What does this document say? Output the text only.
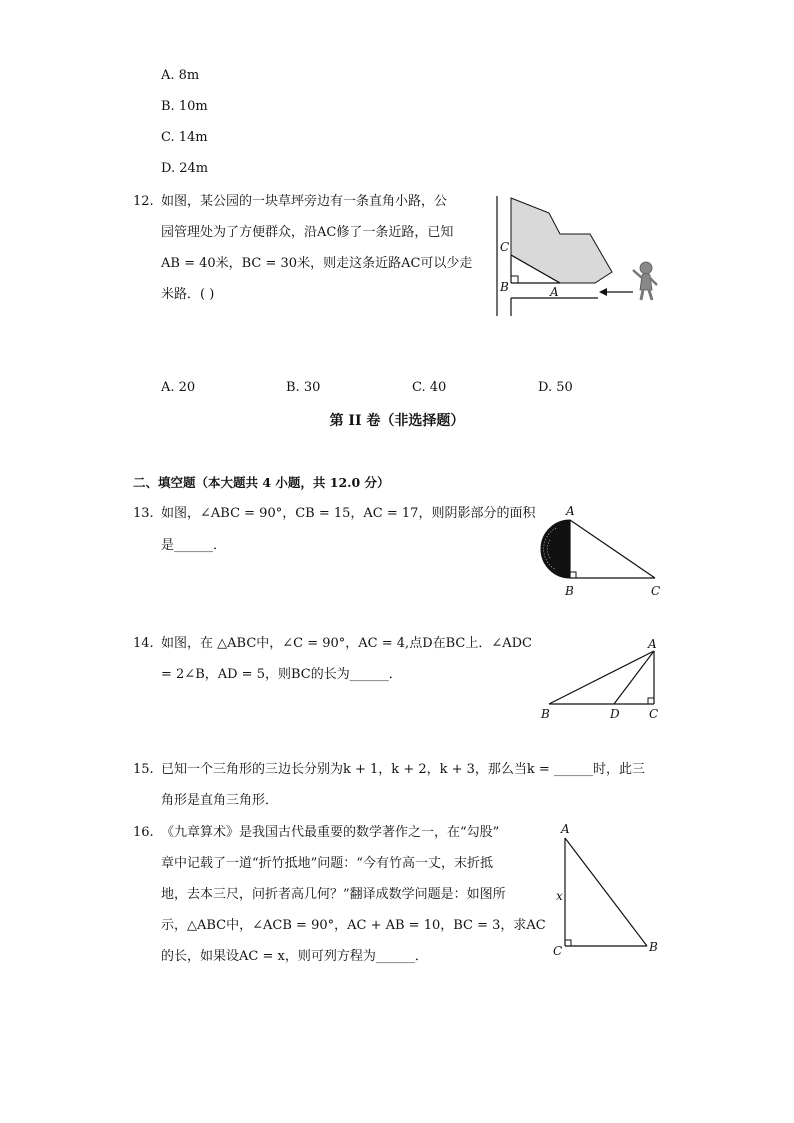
A. 8m
B. 10m
C. 14m
D. 24m
12. 如图，某公园的一块草坪旁边有一条直角小路，公
园管理处为了方便群众，沿AC修了一条近路，已知
AB = 40米，BC = 30米，则走这条近路AC可以少走
米路．( )
C
B	A
A. 20	B. 30	C. 40	D. 50
第 II 卷（非选择题）
二、填空题（本大题共 4 小题，共 12.0 分）
13. 如图，∠ABC = 90°，CB = 15，AC = 17，则阴影部分的面积
是______．
A
B	C
14. 如图，在 △ABC中，∠C = 90°，AC = 4,点D在BC上．∠ADC
= 2∠B，AD = 5，则BC的长为______．
A
B	D C
15. 已知一个三角形的三边长分别为k + 1，k + 2，k + 3，那么当k = ______时，此三
角形是直角三角形．
16. 《九章算术》是我国古代最重要的数学著作之一，在“勾股”
章中记载了一道“折竹抵地”问题：“今有竹高一丈，末折抵
地，去本三尺，问折者高几何？”翻译成数学问题是：如图所
示，△ABC中，∠ACB = 90°，AC + AB = 10，BC = 3，求AC
的长，如果设AC = x，则可列方程为______．
A
x
C	B
